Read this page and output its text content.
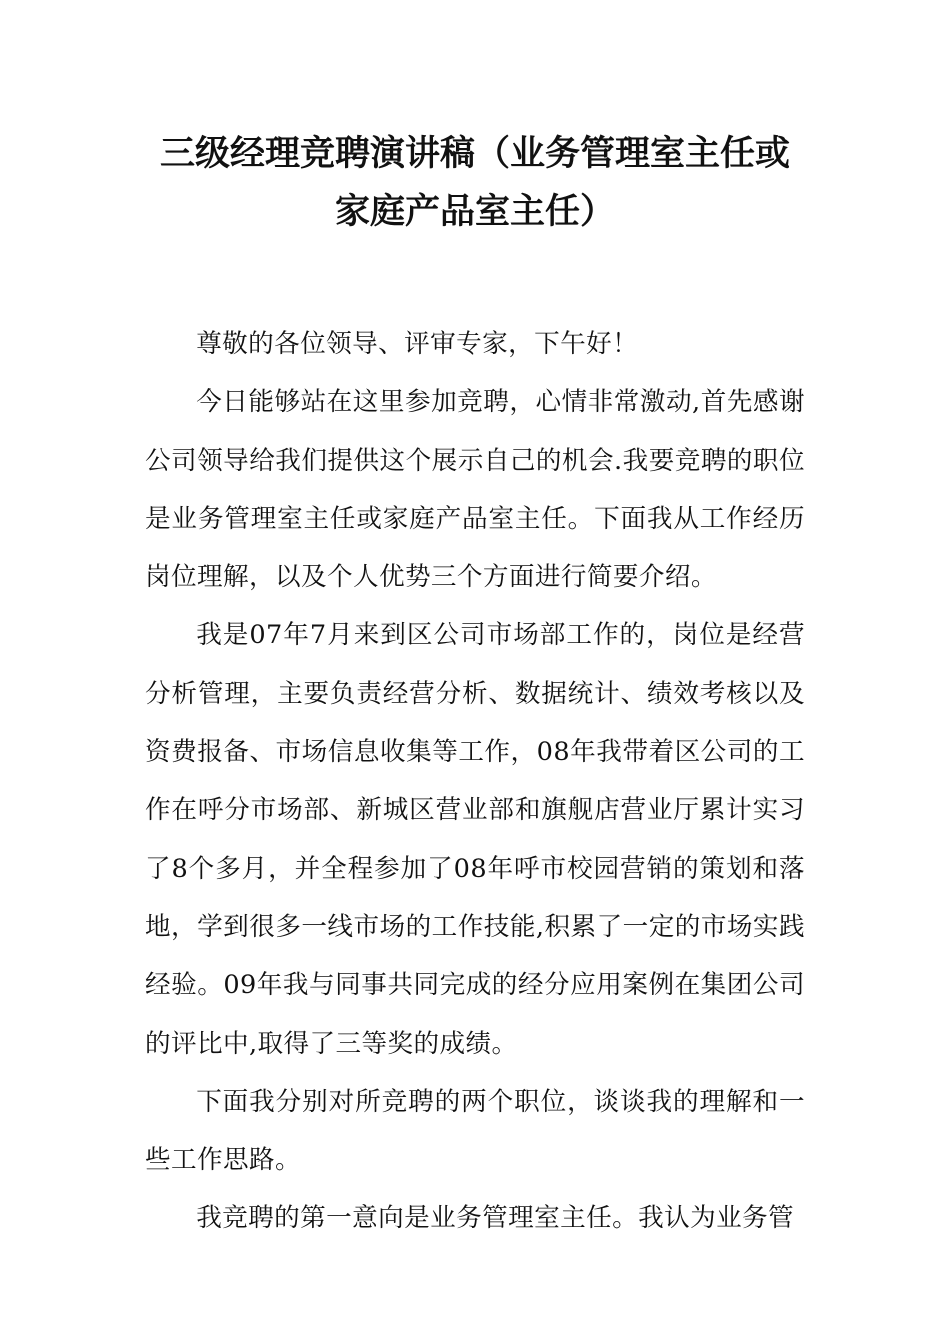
三级经理竞聘演讲稿（业务管理室主任或
家庭产品室主任）

尊敬的各位领导、评审专家，下午好！

今日能够站在这里参加竞聘，心情非常激动,首先感谢公司领导给我们提供这个展示自己的机会.我要竞聘的职位是业务管理室主任或家庭产品室主任。下面我从工作经历岗位理解，以及个人优势三个方面进行简要介绍。

我是07年7月来到区公司市场部工作的，岗位是经营分析管理，主要负责经营分析、数据统计、绩效考核以及资费报备、市场信息收集等工作，08年我带着区公司的工作在呼分市场部、新城区营业部和旗舰店营业厅累计实习了8个多月，并全程参加了08年呼市校园营销的策划和落地，学到很多一线市场的工作技能,积累了一定的市场实践经验。09年我与同事共同完成的经分应用案例在集团公司的评比中,取得了三等奖的成绩。

下面我分别对所竞聘的两个职位，谈谈我的理解和一些工作思路。

我竞聘的第一意向是业务管理室主任。我认为业务管
